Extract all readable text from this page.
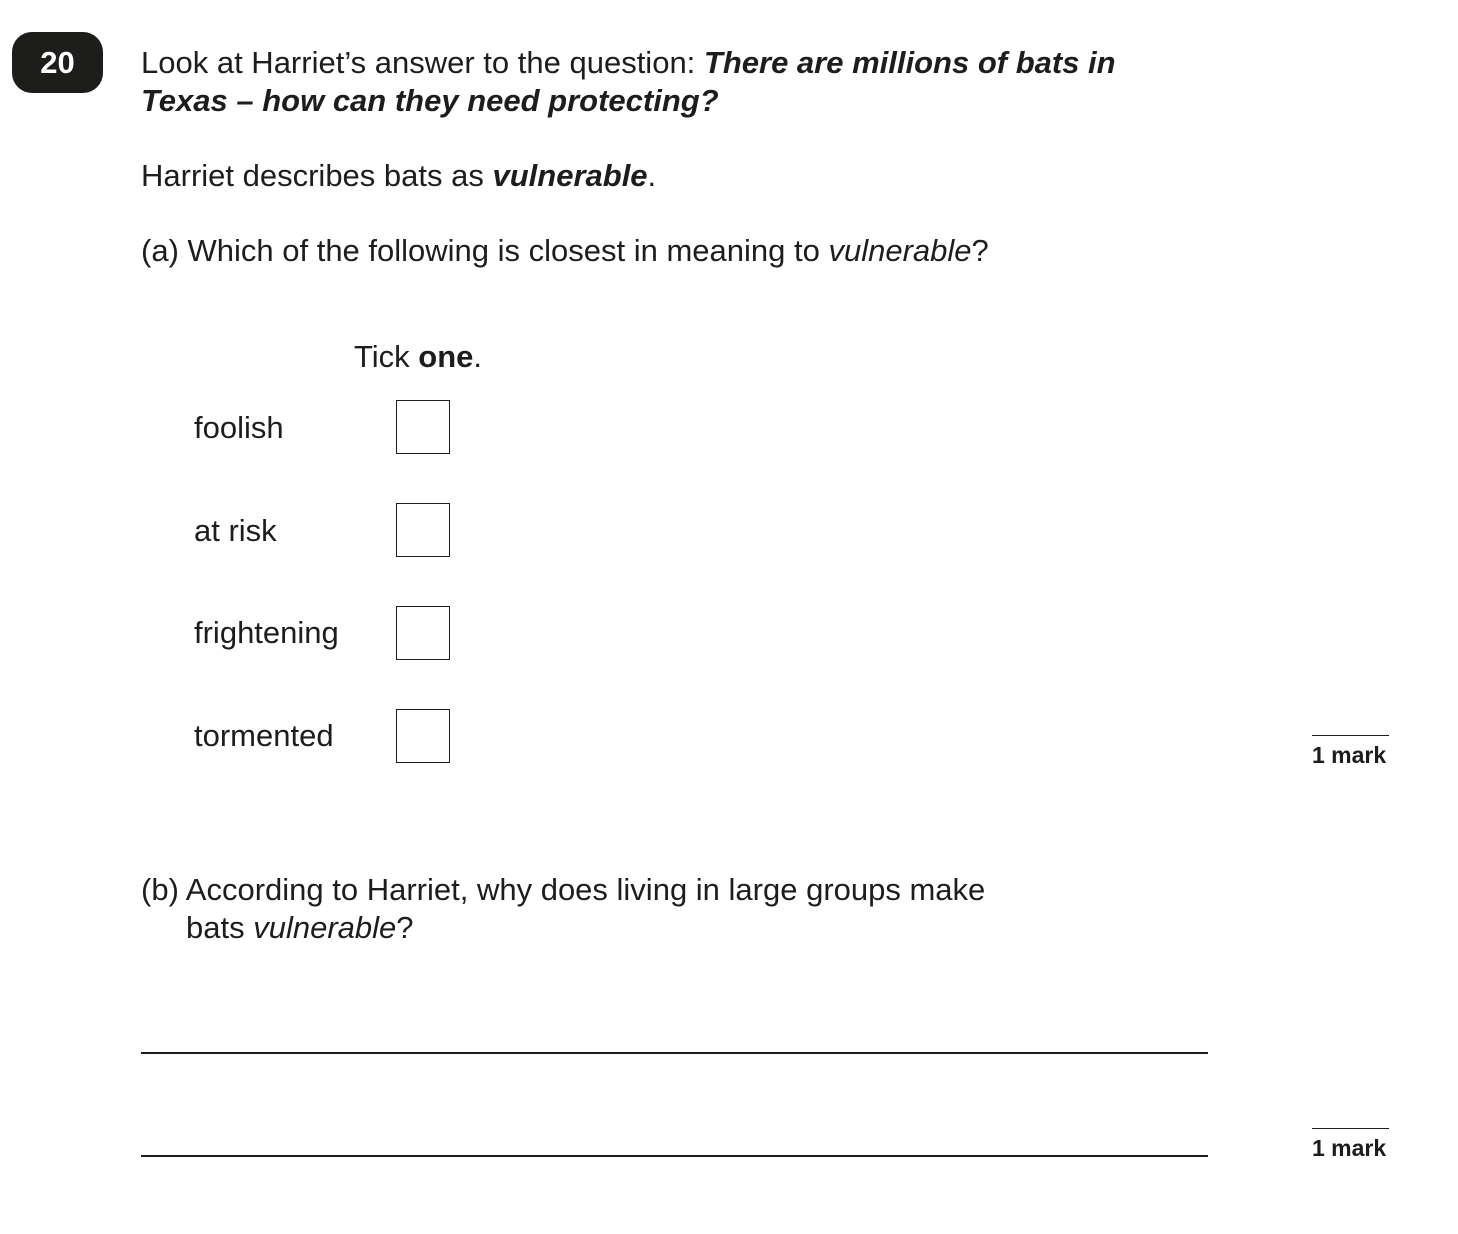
20 Look at Harriet’s answer to the question: There are millions of bats in
Texas – how can they need protecting?
Harriet describes bats as vulnerable.
(a) Which of the following is closest in meaning to vulnerable?
Tick one.
foolish
at risk
frightening
tormented
1 mark
(b) According to Harriet, why does living in large groups make
bats vulnerable?
1 mark
